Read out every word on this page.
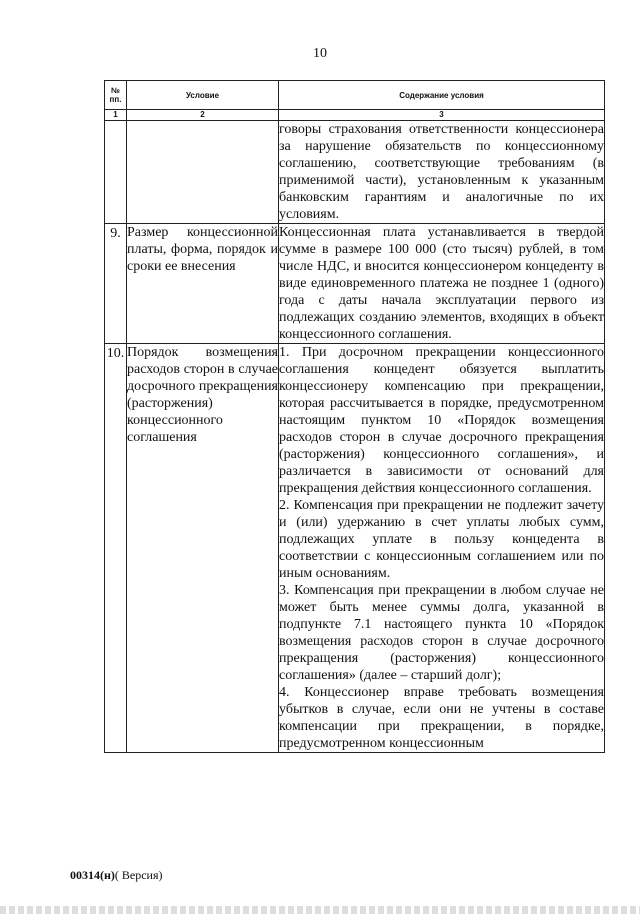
10
№
пп.	Условие	Содержание условия
1	2	3
		говоры страхования ответственности концессионера за нарушение обязательств по концессионному соглашению, соответствующие требованиям (в применимой части), установленным к указанным банковским гарантиям и аналогичные по их условиям.
9.	Размер концессионной платы, форма, порядок и сроки ее внесения	Концессионная плата устанавливается в твердой сумме в размере 100 000 (сто тысяч) рублей, в том числе НДС, и вносится концессионером концеденту в виде единовременного платежа не позднее 1 (одного) года с даты начала эксплуатации первого из подлежащих созданию элементов, входящих в объект концессионного соглашения.
10.	Порядок возмещения расходов сторон в случае досрочного прекращения (расторжения) концессионного соглашения	1. При досрочном прекращении концессионного соглашения концедент обязуется выплатить концессионеру компенсацию при прекращении, которая рассчитывается в порядке, предусмотренном настоящим пунктом 10 «Порядок возмещения расходов сторон в случае досрочного прекращения (расторжения) концессионного соглашения», и различается в зависимости от оснований для прекращения действия концессионного соглашения.
2. Компенсация при прекращении не подлежит зачету и (или) удержанию в счет уплаты любых сумм, подлежащих уплате в пользу концедента в соответствии с концессионным соглашением или по иным основаниям.
3. Компенсация при прекращении в любом случае не может быть менее суммы долга, указанной в подпункте 7.1 настоящего пункта 10 «Порядок возмещения расходов сторон в случае досрочного прекращения (расторжения) концессионного соглашения» (далее – старший долг);
4. Концессионер вправе требовать возмещения убытков в случае, если они не учтены в составе компенсации при прекращении, в порядке, предусмотренном концессионным
00314(н)( Версия)
